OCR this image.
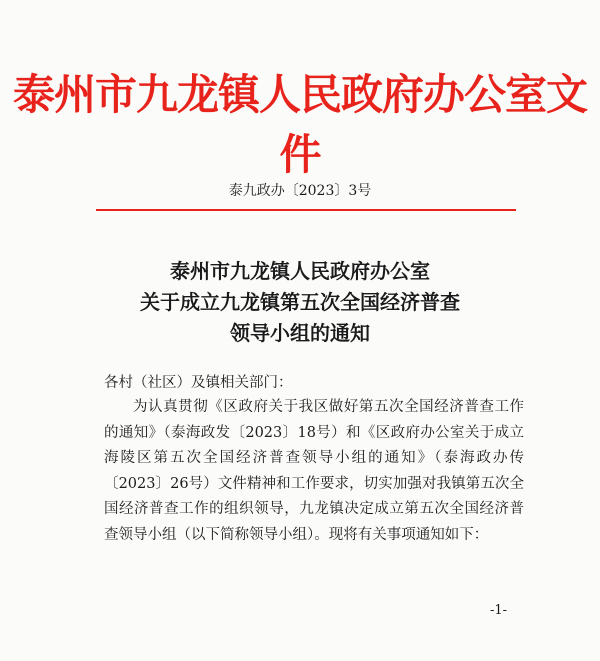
泰州市九龙镇人民政府办公室文件
泰九政办〔2023〕3号
泰州市九龙镇人民政府办公室
关于成立九龙镇第五次全国经济普查
领导小组的通知
各村（社区）及镇相关部门：
为认真贯彻《区政府关于我区做好第五次全国经济普查工作的通知》（泰海政发〔2023〕18号）和《区政府办公室关于成立海陵区第五次全国经济普查领导小组的通知》（泰海政办传〔2023〕26号）文件精神和工作要求，切实加强对我镇第五次全国经济普查工作的组织领导，九龙镇决定成立第五次全国经济普查领导小组（以下简称领导小组）。现将有关事项通知如下：
-1-
